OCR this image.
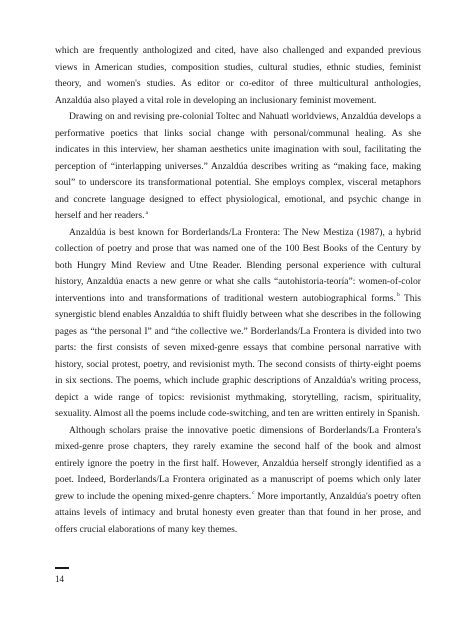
which are frequently anthologized and cited, have also challenged and expanded previous views in American studies, composition studies, cultural studies, ethnic studies, feminist theory, and women's studies. As editor or co-editor of three multicultural anthologies, Anzaldúa also played a vital role in developing an inclusionary feminist movement.

Drawing on and revising pre-colonial Toltec and Nahuatl worldviews, Anzaldúa develops a performative poetics that links social change with personal/communal healing. As she indicates in this interview, her shaman aesthetics unite imagination with soul, facilitating the perception of “interlapping universes.” Anzaldúa describes writing as “making face, making soul” to underscore its transformational potential. She employs complex, visceral metaphors and concrete language designed to effect physiological, emotional, and psychic change in herself and her readers.$^a$

Anzaldúa is best known for Borderlands/La Frontera: The New Mestiza (1987), a hybrid collection of poetry and prose that was named one of the 100 Best Books of the Century by both Hungry Mind Review and Utne Reader. Blending personal experience with cultural history, Anzaldúa enacts a new genre or what she calls “autohistoria-teoría”: women-of-color interventions into and transformations of traditional western autobiographical forms.$^b$ This synergistic blend enables Anzaldúa to shift fluidly between what she describes in the following pages as “the personal I” and “the collective we.” Borderlands/La Frontera is divided into two parts: the first consists of seven mixed-genre essays that combine personal narrative with history, social protest, poetry, and revisionist myth. The second consists of thirty-eight poems in six sections. The poems, which include graphic descriptions of Anzaldúa's writing process, depict a wide range of topics: revisionist mythmaking, storytelling, racism, spirituality, sexuality. Almost all the poems include code-switching, and ten are written entirely in Spanish.

Although scholars praise the innovative poetic dimensions of Borderlands/La Frontera's mixed-genre prose chapters, they rarely examine the second half of the book and almost entirely ignore the poetry in the first half. However, Anzaldúa herself strongly identified as a poet. Indeed, Borderlands/La Frontera originated as a manuscript of poems which only later grew to include the opening mixed-genre chapters.$^c$ More importantly, Anzaldúa's poetry often attains levels of intimacy and brutal honesty even greater than that found in her prose, and offers crucial elaborations of many key themes.

14
